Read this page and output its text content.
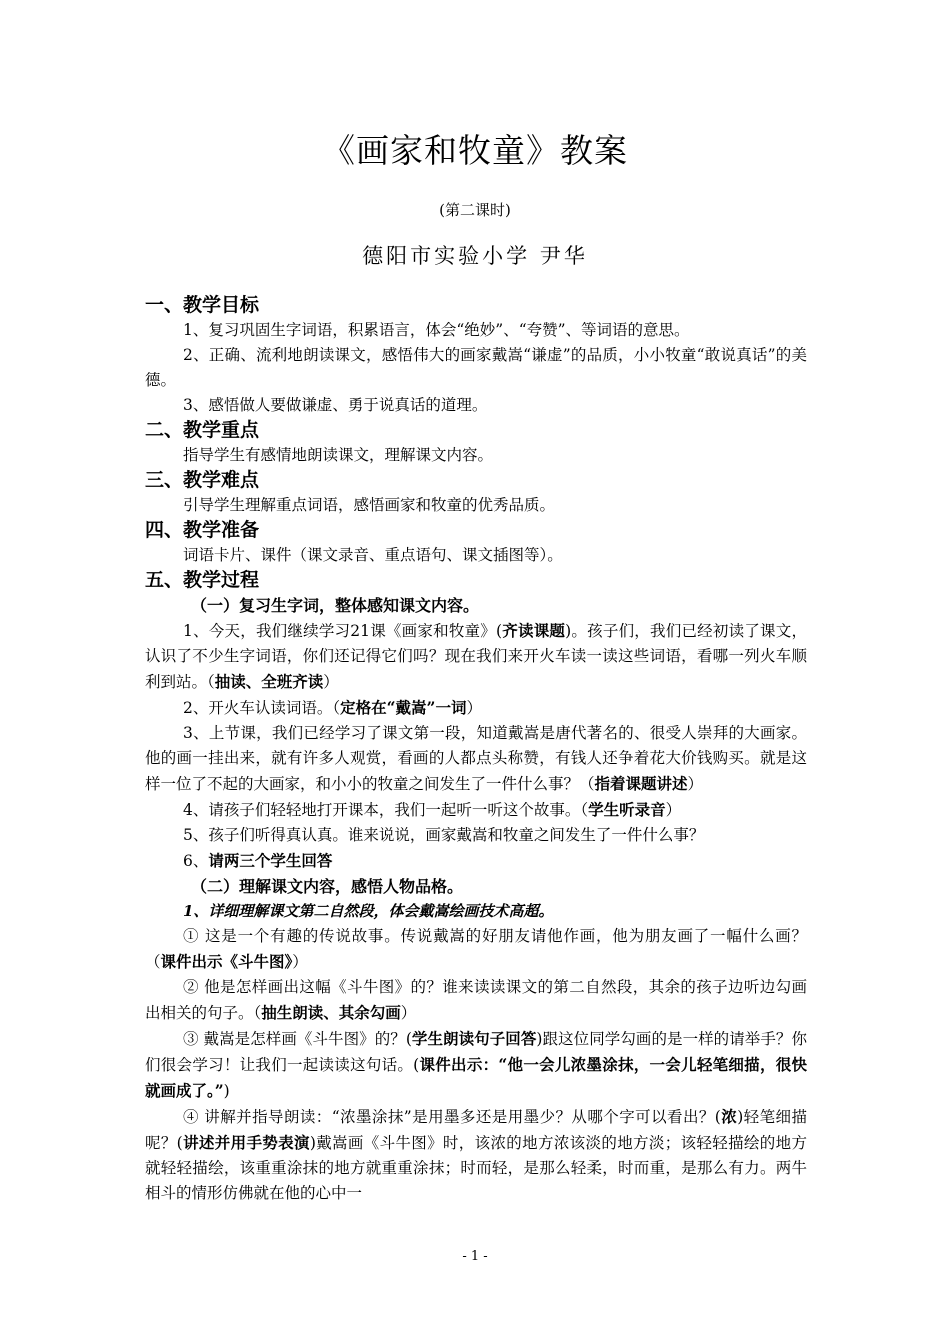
《画家和牧童》教案
(第二课时)
德阳市实验小学 尹华
一、教学目标
1、复习巩固生字词语，积累语言，体会“绝妙”、“夸赞”、等词语的意思。
2、正确、流利地朗读课文，感悟伟大的画家戴嵩“谦虚”的品质，小小牧童“敢说真话”的美德。
3、感悟做人要做谦虚、勇于说真话的道理。
二、教学重点
指导学生有感情地朗读课文，理解课文内容。
三、教学难点
引导学生理解重点词语，感悟画家和牧童的优秀品质。
四、教学准备
词语卡片、课件（课文录音、重点语句、课文插图等）。
五、教学过程
（一）复习生字词，整体感知课文内容。
1、今天，我们继续学习21课《画家和牧童》(齐读课题)。孩子们，我们已经初读了课文，认识了不少生字词语，你们还记得它们吗？现在我们来开火车读一读这些词语，看哪一列火车顺利到站。（抽读、全班齐读）
2、开火车认读词语。（定格在“戴嵩”一词）
3、上节课，我们已经学习了课文第一段，知道戴嵩是唐代著名的、很受人崇拜的大画家。他的画一挂出来，就有许多人观赏，看画的人都点头称赞，有钱人还争着花大价钱购买。就是这样一位了不起的大画家，和小小的牧童之间发生了一件什么事？（指着课题讲述）
4、请孩子们轻轻地打开课本，我们一起听一听这个故事。（学生听录音）
5、孩子们听得真认真。谁来说说，画家戴嵩和牧童之间发生了一件什么事？
6、请两三个学生回答
（二）理解课文内容，感悟人物品格。
1、详细理解课文第二自然段，体会戴嵩绘画技术高超。
① 这是一个有趣的传说故事。传说戴嵩的好朋友请他作画，他为朋友画了一幅什么画？（课件出示《斗牛图》）
② 他是怎样画出这幅《斗牛图》的？谁来读读课文的第二自然段，其余的孩子边听边勾画出相关的句子。（抽生朗读、其余勾画）
③ 戴嵩是怎样画《斗牛图》的？(学生朗读句子回答)跟这位同学勾画的是一样的请举手？你们很会学习！让我们一起读读这句话。(课件出示：“他一会儿浓墨涂抹，一会儿轻笔细描，很快就画成了。”)
④ 讲解并指导朗读：“浓墨涂抹”是用墨多还是用墨少？从哪个字可以看出？(浓)轻笔细描呢？(讲述并用手势表演)戴嵩画《斗牛图》时，该浓的地方浓该淡的地方淡；该轻轻描绘的地方就轻轻描绘，该重重涂抹的地方就重重涂抹；时而轻，是那么轻柔，时而重，是那么有力。两牛相斗的情形仿佛就在他的心中一
- 1 -
